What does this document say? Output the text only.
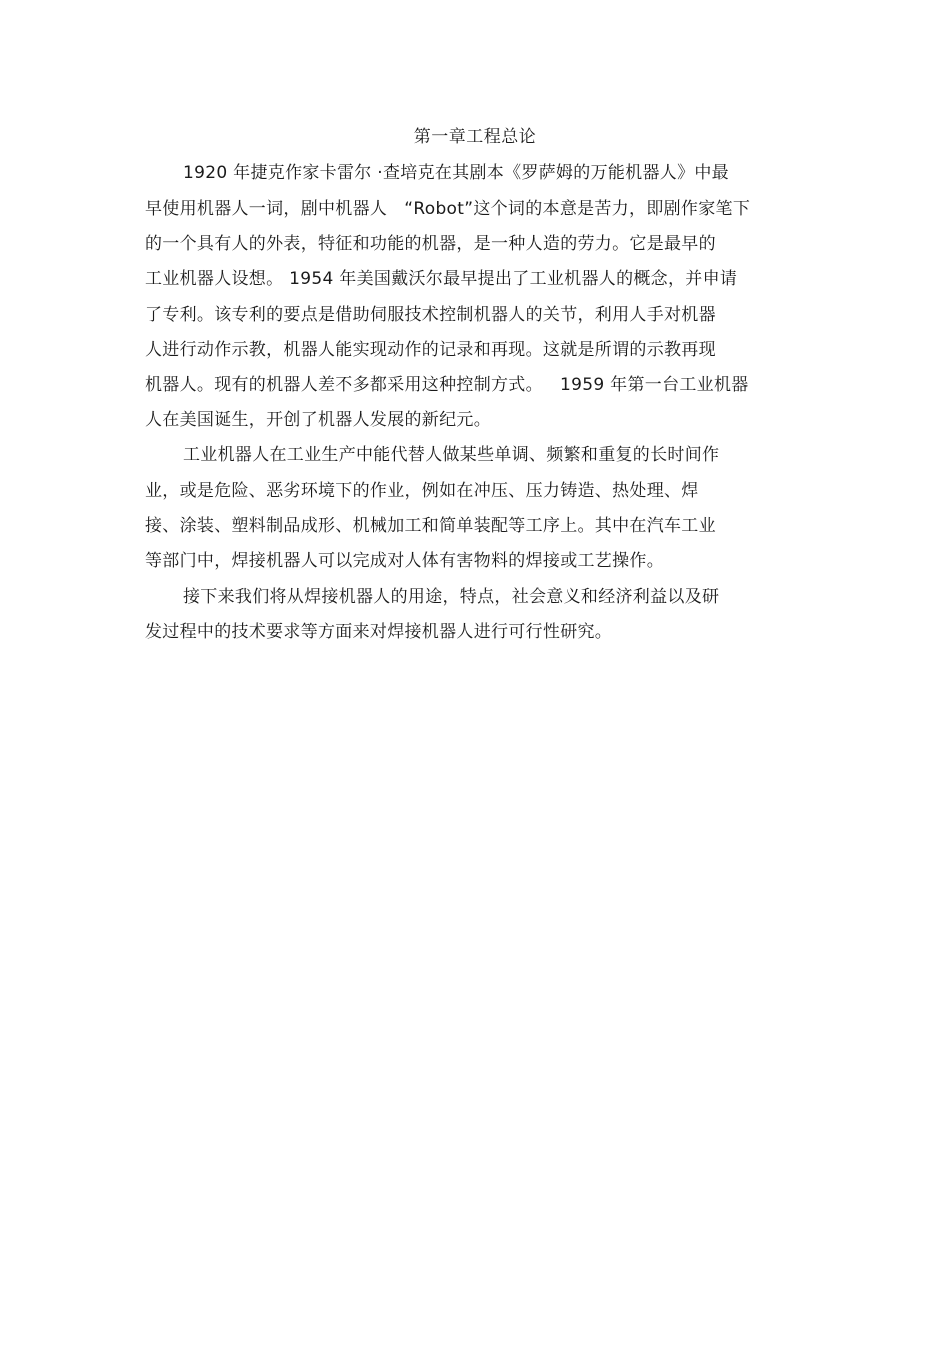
第一章工程总论
1920 年捷克作家卡雷尔 ·查培克在其剧本《罗萨姆的万能机器人》中最
早使用机器人一词，剧中机器人   “Robot”这个词的本意是苦力，即剧作家笔下
的一个具有人的外表，特征和功能的机器，是一种人造的劳力。它是最早的
工业机器人设想。 1954 年美国戴沃尔最早提出了工业机器人的概念，并申请
了专利。该专利的要点是借助伺服技术控制机器人的关节，利用人手对机器
人进行动作示教，机器人能实现动作的记录和再现。这就是所谓的示教再现
机器人。现有的机器人差不多都采用这种控制方式。   1959 年第一台工业机器
人在美国诞生，开创了机器人发展的新纪元。
工业机器人在工业生产中能代替人做某些单调、频繁和重复的长时间作
业，或是危险、恶劣环境下的作业，例如在冲压、压力铸造、热处理、焊
接、涂装、塑料制品成形、机械加工和简单装配等工序上。其中在汽车工业
等部门中，焊接机器人可以完成对人体有害物料的焊接或工艺操作。
接下来我们将从焊接机器人的用途，特点，社会意义和经济利益以及研
发过程中的技术要求等方面来对焊接机器人进行可行性研究。
